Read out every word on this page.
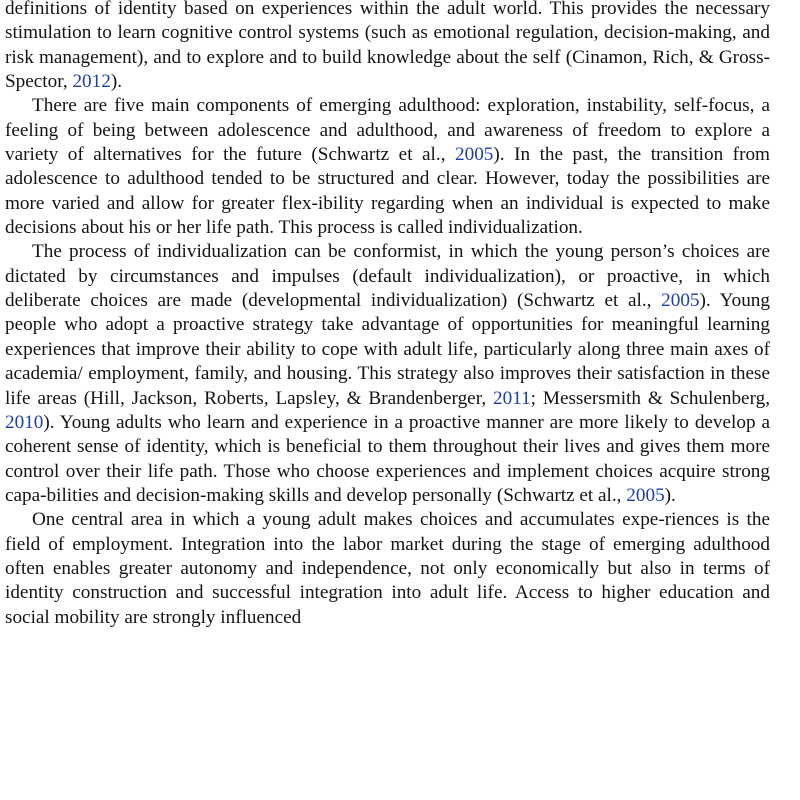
definitions of identity based on experiences within the adult world. This provides the necessary stimulation to learn cognitive control systems (such as emotional regulation, decision-making, and risk management), and to explore and to build knowledge about the self (Cinamon, Rich, & Gross-Spector, 2012).

There are five main components of emerging adulthood: exploration, instability, self-focus, a feeling of being between adolescence and adulthood, and awareness of freedom to explore a variety of alternatives for the future (Schwartz et al., 2005). In the past, the transition from adolescence to adulthood tended to be structured and clear. However, today the possibilities are more varied and allow for greater flex-ibility regarding when an individual is expected to make decisions about his or her life path. This process is called individualization.

The process of individualization can be conformist, in which the young person’s choices are dictated by circumstances and impulses (default individualization), or proactive, in which deliberate choices are made (developmental individualization) (Schwartz et al., 2005). Young people who adopt a proactive strategy take advantage of opportunities for meaningful learning experiences that improve their ability to cope with adult life, particularly along three main axes of academia/ employment, family, and housing. This strategy also improves their satisfaction in these life areas (Hill, Jackson, Roberts, Lapsley, & Brandenberger, 2011; Messersmith & Schulenberg, 2010). Young adults who learn and experience in a proactive manner are more likely to develop a coherent sense of identity, which is beneficial to them throughout their lives and gives them more control over their life path. Those who choose experiences and implement choices acquire strong capa-bilities and decision-making skills and develop personally (Schwartz et al., 2005).

One central area in which a young adult makes choices and accumulates expe-riences is the field of employment. Integration into the labor market during the stage of emerging adulthood often enables greater autonomy and independence, not only economically but also in terms of identity construction and successful integration into adult life. Access to higher education and social mobility are strongly influenced
